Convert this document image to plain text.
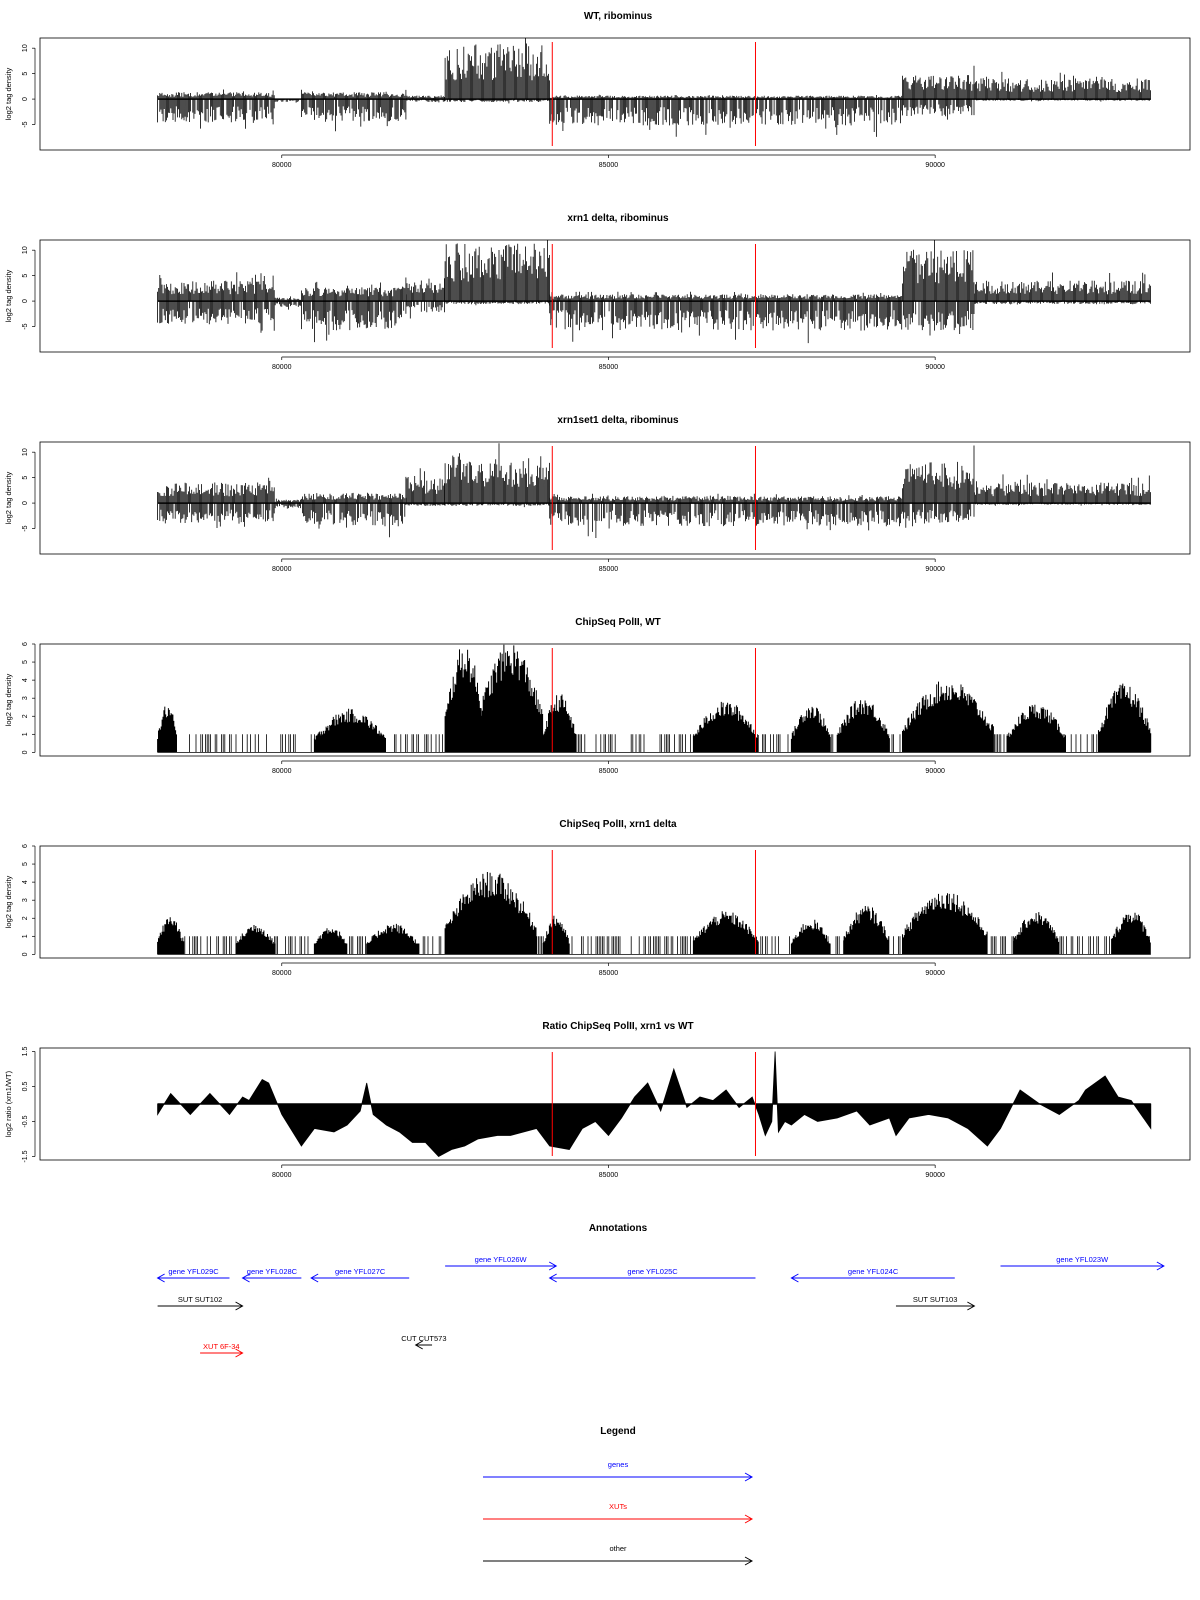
WT, ribominus
log2 tag density
10
5
0
-5
80000	85000	90000
xrn1 delta, ribominus
log2 tag density
10
5
0
-5
80000	85000	90000
xrn1set1 delta, ribominus
log2 tag density
10
5
0
-5
80000	85000	90000
ChipSeq PolII, WT
log2 tag density
6
5
4
3
2
1
0
80000	85000	90000
ChipSeq PolII, xrn1 delta
log2 tag density
6
5
4
3
2
1
0
80000	85000	90000
Ratio ChipSeq PolII, xrn1 vs WT
log2 ratio (xrn1/WT)
1.5
0.5
-0.5
-1.5
80000	85000	90000
Annotations
gene YFL029C	gene YFL028C	gene YFL027C
gene YFL026W
gene YFL025C	gene YFL024C
gene YFL023W
SUT SUT102	SUT SUT103
CUT CUT573
XUT 6F-34
Legend
genes
XUTs
other
